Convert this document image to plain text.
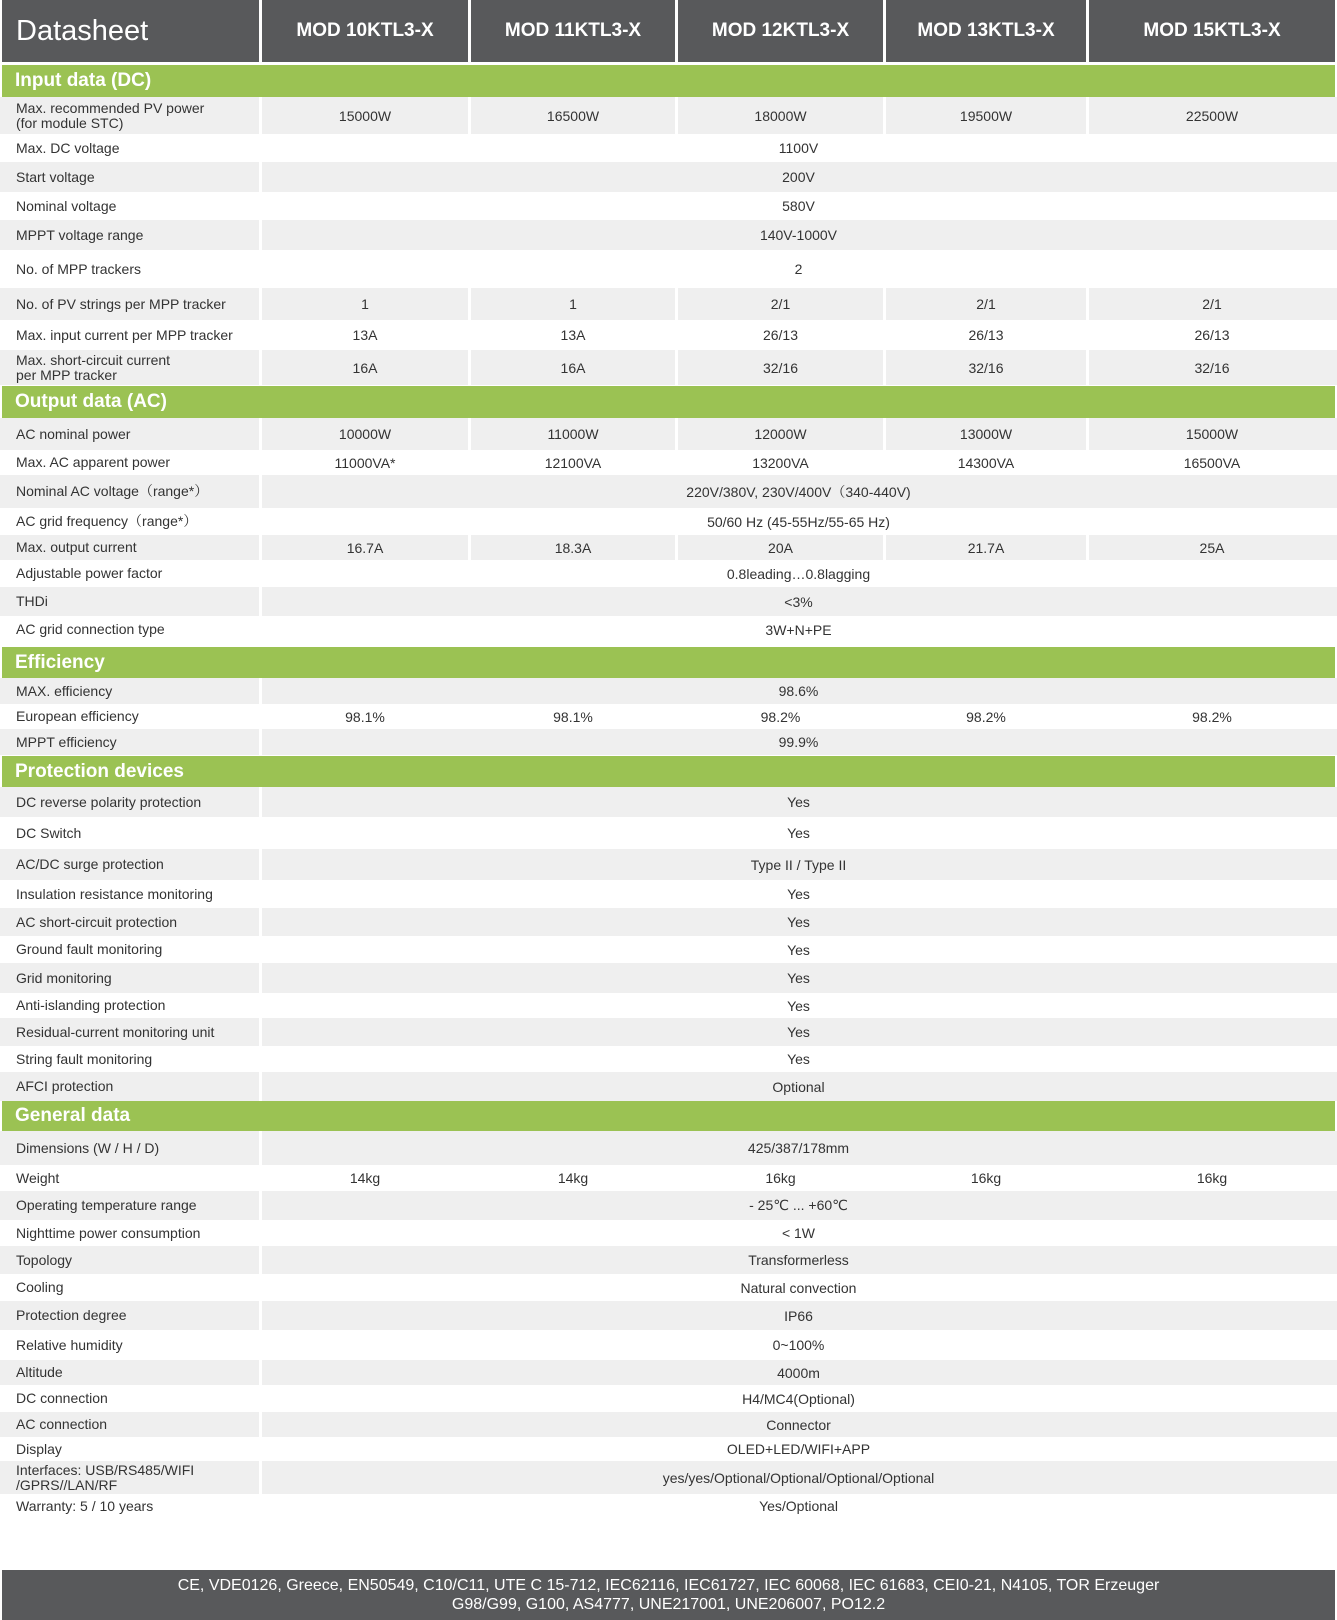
Datasheet	MOD 10KTL3-X	MOD 11KTL3-X	MOD 12KTL3-X	MOD 13KTL3-X	MOD 15KTL3-X
Input data (DC)
Max. recommended PV power
(for module STC)	15000W	16500W	18000W	19500W	22500W
Max. DC voltage	1100V
Start voltage	200V
Nominal voltage	580V
MPPT voltage range	140V-1000V
No. of MPP trackers	2
No. of PV strings per MPP tracker	1	1	2/1	2/1	2/1
Max. input current per MPP tracker	13A	13A	26/13	26/13	26/13
Max. short-circuit current
per MPP tracker	16A	16A	32/16	32/16	32/16
Output data (AC)
AC nominal power	10000W	11000W	12000W	13000W	15000W
Max. AC apparent power	11000VA*	12100VA	13200VA	14300VA	16500VA
Nominal AC voltage（range*）	220V/380V, 230V/400V（340-440V)
AC grid frequency（range*）	50/60 Hz (45-55Hz/55-65 Hz)
Max. output current	16.7A	18.3A	20A	21.7A	25A
Adjustable power factor	0.8leading…0.8lagging
THDi	<3%
AC grid connection type	3W+N+PE
Efficiency
MAX. efficiency	98.6%
European efficiency	98.1%	98.1%	98.2%	98.2%	98.2%
MPPT efficiency	99.9%
Protection devices
DC reverse polarity protection	Yes
DC Switch	Yes
AC/DC surge protection	Type II / Type II
Insulation resistance monitoring	Yes
AC short-circuit protection	Yes
Ground fault monitoring	Yes
Grid monitoring	Yes
Anti-islanding protection	Yes
Residual-current monitoring unit	Yes
String fault monitoring	Yes
AFCI protection	Optional
General data
Dimensions (W / H / D)	425/387/178mm
Weight	14kg	14kg	16kg	16kg	16kg
Operating temperature range	- 25℃ ... +60℃
Nighttime power consumption	< 1W
Topology	Transformerless
Cooling	Natural convection
Protection degree	IP66
Relative humidity	0~100%
Altitude	4000m
DC connection	H4/MC4(Optional)
AC connection	Connector
Display	OLED+LED/WIFI+APP
Interfaces: USB/RS485/WIFI
/GPRS//LAN/RF	yes/yes/Optional/Optional/Optional/Optional
Warranty: 5 / 10 years	Yes/Optional
CE, VDE0126, Greece, EN50549, C10/C11, UTE C 15-712, IEC62116, IEC61727, IEC 60068, IEC 61683, CEI0-21, N4105, TOR Erzeuger
G98/G99, G100, AS4777, UNE217001, UNE206007, PO12.2
